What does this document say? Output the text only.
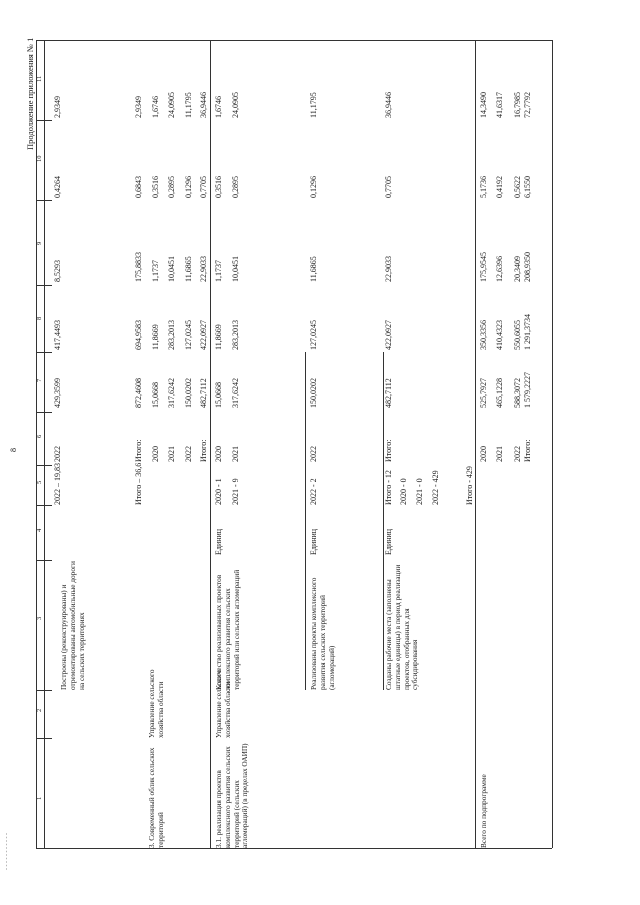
- - - - - - - - - - -
8
Продолжение приложения № 1
1
2
3
4
5
6
7
8
9
10
11
Построены (реконструированы) и отремонтированы автомобильные дороги на сельских территориях
2022 – 19,83
2022
429,3599
417,4493
8,5293
0,4264
2,9349
Итого – 36,6
Итого:
872,4608
694,9583
175,8833
0,6843
2,9349
3. Современный облик сельских территорий
Управление сельского хозяйства области
2020
15,0668
11,8669
1,1737
0,3516
1,6746
2021
317,6242
283,2013
10,0451
0,2895
24,0905
2022
150,0202
127,0245
11,6865
0,1296
11,1795
Итого:
482,7112
422,0927
22,9033
0,7705
36,9446
3.1. реализация проектов комплексного развития сельских территорий (сельских агломераций) (в пределах ОАИП)
Управление сельского хозяйства области
Количество реализованных проектов комплексного развития сельских территорий или сельских агломераций
Единиц
2020 - 1
2020
15,0668
11,8669
1,1737
0,3516
1,6746
2021 - 9
2021
317,6242
283,2013
10,0451
0,2895
24,0905
Реализованы проекты комплексного развития сельских территорий (агломераций)
Единиц
2022 - 2
2022
150,0202
127,0245
11,6865
0,1296
11,1795
Созданы рабочие места (заполнены штатные единицы) в период реализации проектов, отобранных для субсидирования
Единиц
Итого - 12
Итого:
482,7112
422,0927
22,9033
0,7705
36,9446
2020 - 0 2021 - 0 2022 - 429	Итого - 429
Всего по подпрограмме
2020
525,7927
350,3356
175,9545
5,1736
14,3490
2021
465,1228
410,4323
12,6396
0,4192
41,6317
2022
588,3072
550,6055
20,3409
0,5622
16,7985
Итого:
1 579,2227
1 291,3734
208,9350
6,1550
72,7792
